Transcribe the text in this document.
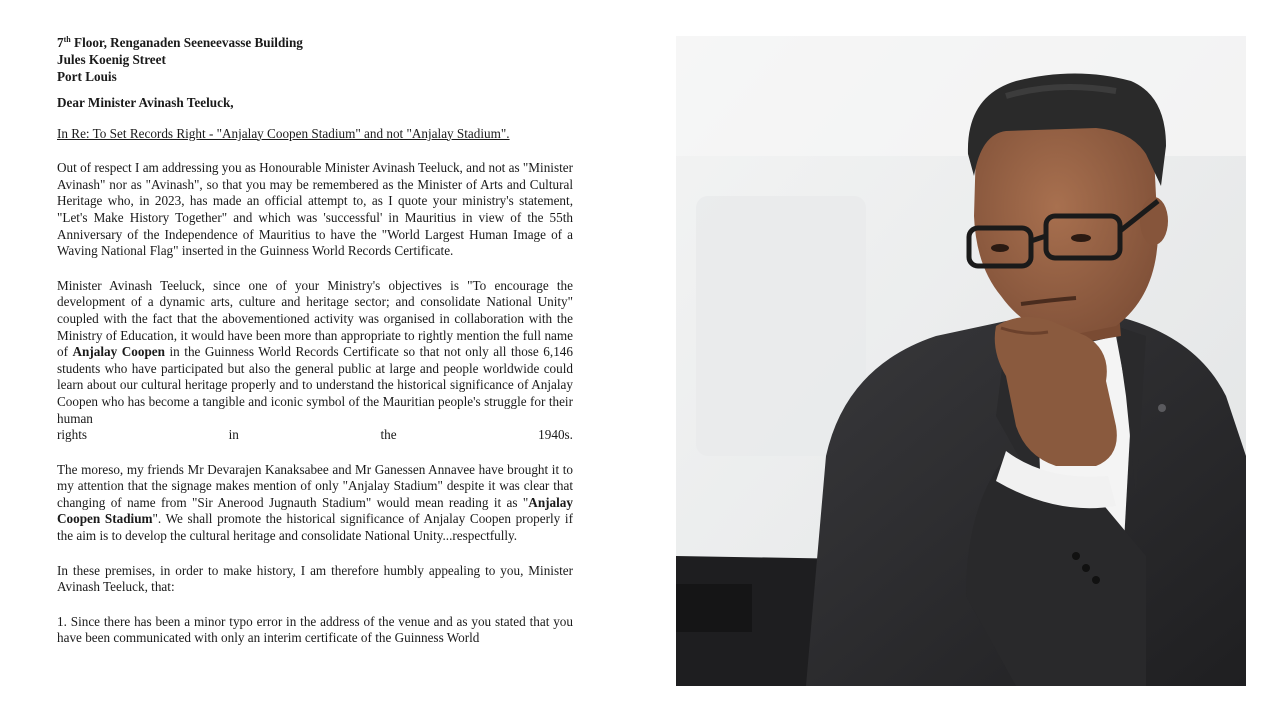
7th Floor, Renganaden Seeneevasse Building
Jules Koenig Street
Port Louis
Dear Minister Avinash Teeluck,
In Re: To Set Records Right - "Anjalay Coopen Stadium" and not "Anjalay Stadium".

Out of respect I am addressing you as Honourable Minister Avinash Teeluck, and not as "Minister Avinash" nor as "Avinash", so that you may be remembered as the Minister of Arts and Cultural Heritage who, in 2023, has made an official attempt to, as I quote your ministry's statement, "Let's Make History Together" and which was 'successful' in Mauritius in view of the 55th Anniversary of the Independence of Mauritius to have the "World Largest Human Image of a Waving National Flag" inserted in the Guinness World Records Certificate.

Minister Avinash Teeluck, since one of your Ministry's objectives is "To encourage the development of a dynamic arts, culture and heritage sector; and consolidate National Unity" coupled with the fact that the abovementioned activity was organised in collaboration with the Ministry of Education, it would have been more than appropriate to rightly mention the full name of Anjalay Coopen in the Guinness World Records Certificate so that not only all those 6,146 students who have participated but also the general public at large and people worldwide could learn about our cultural heritage properly and to understand the historical significance of Anjalay Coopen who has become a tangible and iconic symbol of the Mauritian people's struggle for their human

rights	in	the	1940s.

The moreso, my friends Mr Devarajen Kanaksabee and Mr Ganessen Annavee have brought it to my attention that the signage makes mention of only "Anjalay Stadium" despite it was clear that changing of name from "Sir Anerood Jugnauth Stadium" would mean reading it as "Anjalay Coopen Stadium". We shall promote the historical significance of Anjalay Coopen properly if the aim is to develop the cultural heritage and consolidate National Unity...respectfully.

In these premises, in order to make history, I am therefore humbly appealing to you, Minister Avinash Teeluck, that:

1. Since there has been a minor typo error in the address of the venue and as you stated that you have been communicated with only an interim certificate of the Guinness World
